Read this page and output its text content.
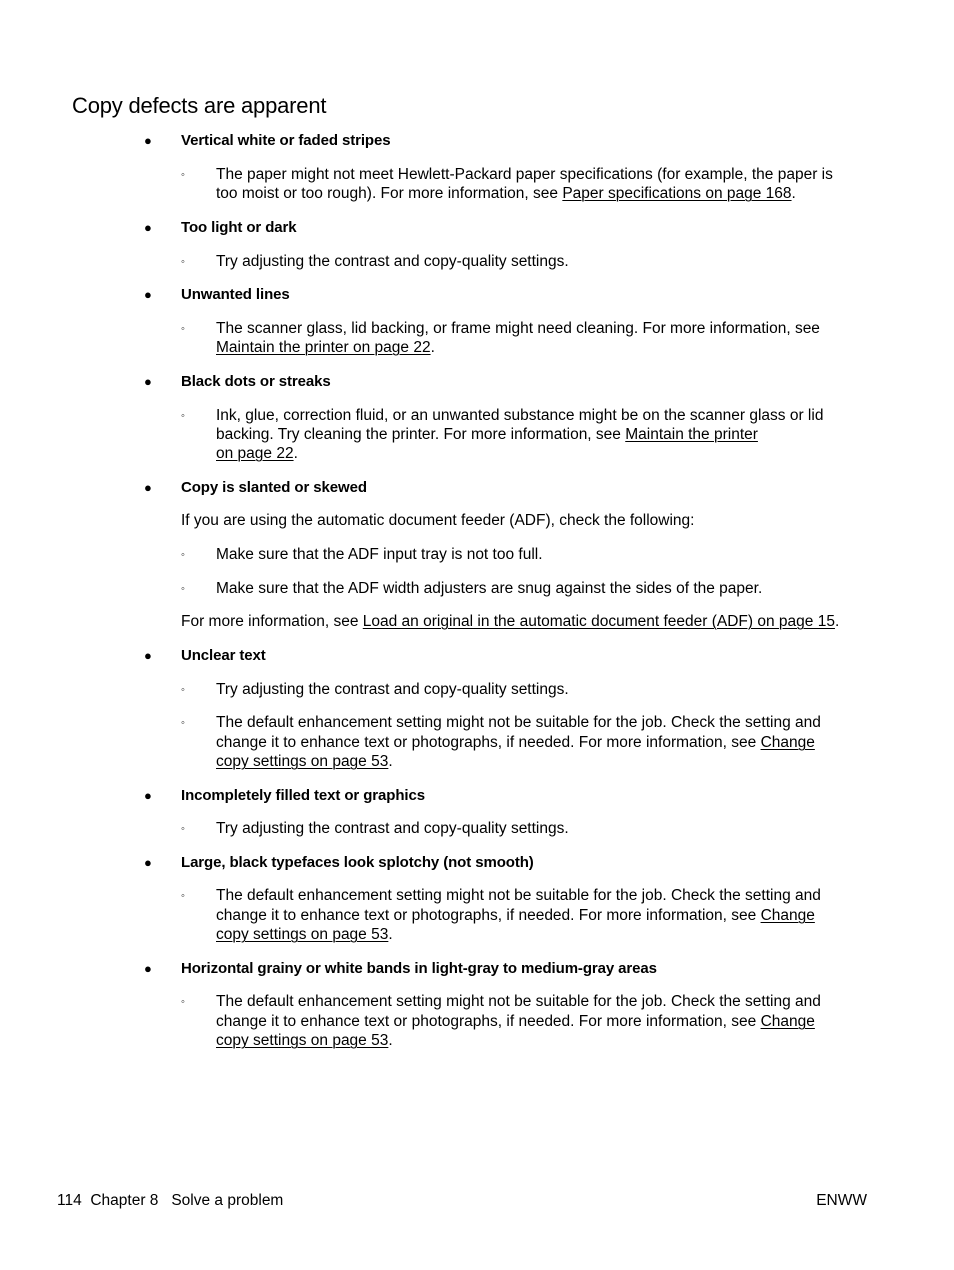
Copy defects are apparent
● Vertical white or faded stripes
◦ The paper might not meet Hewlett-Packard paper specifications (for example, the paper is
too moist or too rough). For more information, see Paper specifications on page 168.
● Too light or dark
◦ Try adjusting the contrast and copy-quality settings.
● Unwanted lines
◦ The scanner glass, lid backing, or frame might need cleaning. For more information, see
Maintain the printer on page 22.
● Black dots or streaks
◦ Ink, glue, correction fluid, or an unwanted substance might be on the scanner glass or lid
backing. Try cleaning the printer. For more information, see Maintain the printer
on page 22.
● Copy is slanted or skewed
If you are using the automatic document feeder (ADF), check the following:
◦ Make sure that the ADF input tray is not too full.
◦ Make sure that the ADF width adjusters are snug against the sides of the paper.
For more information, see Load an original in the automatic document feeder (ADF) on page 15.
● Unclear text
◦ Try adjusting the contrast and copy-quality settings.
◦ The default enhancement setting might not be suitable for the job. Check the setting and
change it to enhance text or photographs, if needed. For more information, see Change
copy settings on page 53.
● Incompletely filled text or graphics
◦ Try adjusting the contrast and copy-quality settings.
● Large, black typefaces look splotchy (not smooth)
◦ The default enhancement setting might not be suitable for the job. Check the setting and
change it to enhance text or photographs, if needed. For more information, see Change
copy settings on page 53.
● Horizontal grainy or white bands in light-gray to medium-gray areas
◦ The default enhancement setting might not be suitable for the job. Check the setting and
change it to enhance text or photographs, if needed. For more information, see Change
copy settings on page 53.
114 Chapter 8 Solve a problem	ENWW
